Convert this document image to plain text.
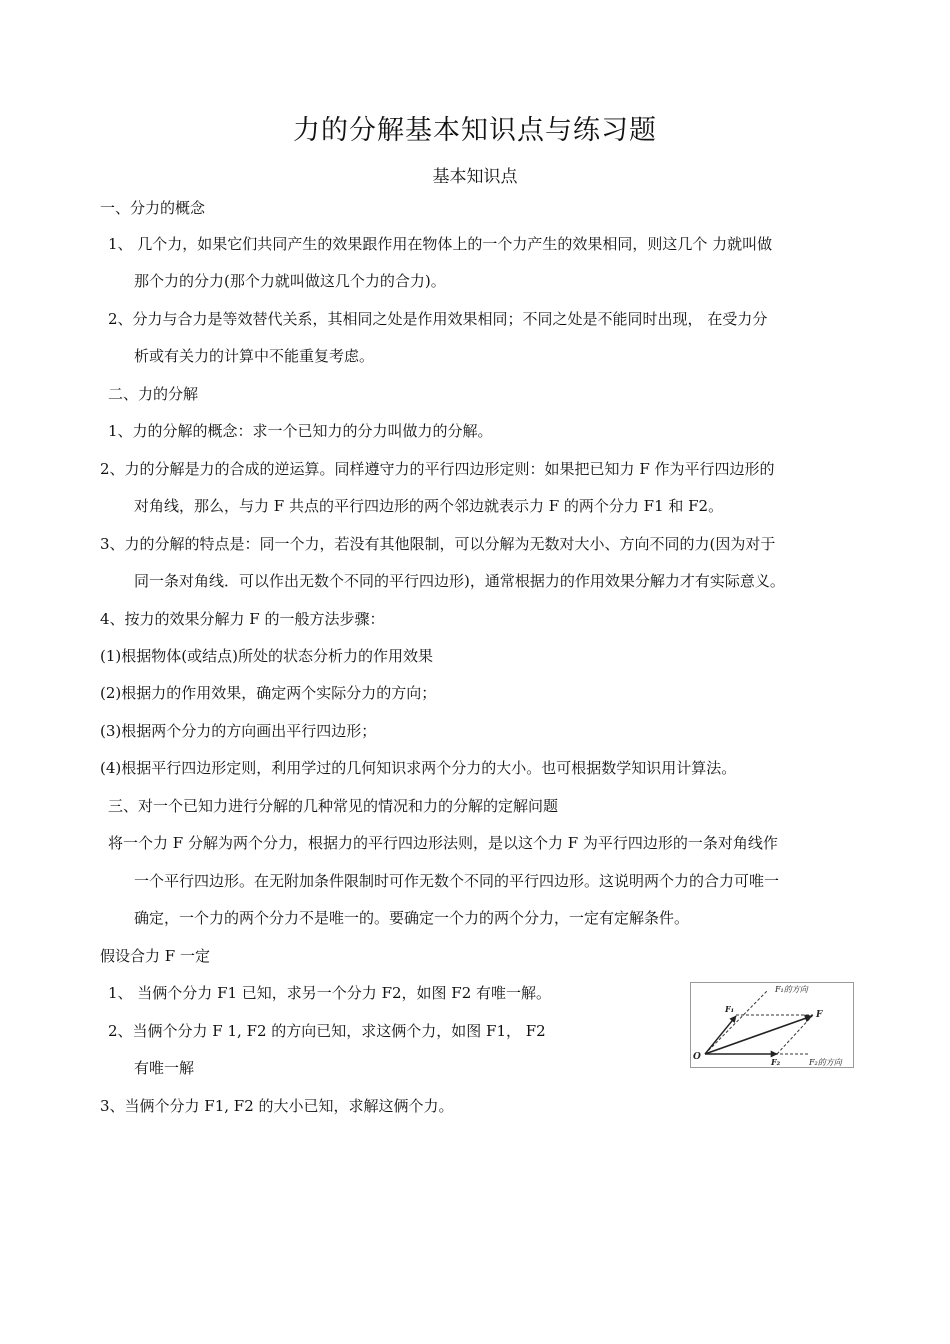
力的分解基本知识点与练习题
基本知识点
一、分力的概念
1、 几个力，如果它们共同产生的效果跟作用在物体上的一个力产生的效果相同，则这几个 力就叫做
那个力的分力(那个力就叫做这几个力的合力)。
2、分力与合力是等效替代关系，其相同之处是作用效果相同；不同之处是不能同时出现， 在受力分
析或有关力的计算中不能重复考虑。
二、力的分解
1、力的分解的概念：求一个已知力的分力叫做力的分解。
2、力的分解是力的合成的逆运算。同样遵守力的平行四边形定则：如果把已知力 F 作为平行四边形的
对角线，那么，与力 F 共点的平行四边形的两个邻边就表示力 F 的两个分力 F1 和 F2。
3、力的分解的特点是：同一个力，若没有其他限制，可以分解为无数对大小、方向不同的力(因为对于
同一条对角线．可以作出无数个不同的平行四边形)，通常根据力的作用效果分解力才有实际意义。
4、按力的效果分解力 F 的一般方法步骤：
(1)根据物体(或结点)所处的状态分析力的作用效果
(2)根据力的作用效果，确定两个实际分力的方向；
(3)根据两个分力的方向画出平行四边形；
(4)根据平行四边形定则，利用学过的几何知识求两个分力的大小。也可根据数学知识用计算法。
三、对一个已知力进行分解的几种常见的情况和力的分解的定解问题
将一个力 F 分解为两个分力，根据力的平行四边形法则，是以这个力 F 为平行四边形的一条对角线作
一个平行四边形。在无附加条件限制时可作无数个不同的平行四边形。这说明两个力的合力可唯一
确定，一个力的两个分力不是唯一的。要确定一个力的两个分力，一定有定解条件。
假设合力 F 一定
1、 当俩个分力 F1 已知，求另一个分力 F2，如图 F2 有唯一解。
2、当俩个分力 F 1, F2 的方向已知，求这俩个力，如图 F1， F2
有唯一解
3、当俩个分力 F1, F2 的大小已知，求解这俩个力。
F₁的方向
F₂的方向
F₁
F₂
F
O
